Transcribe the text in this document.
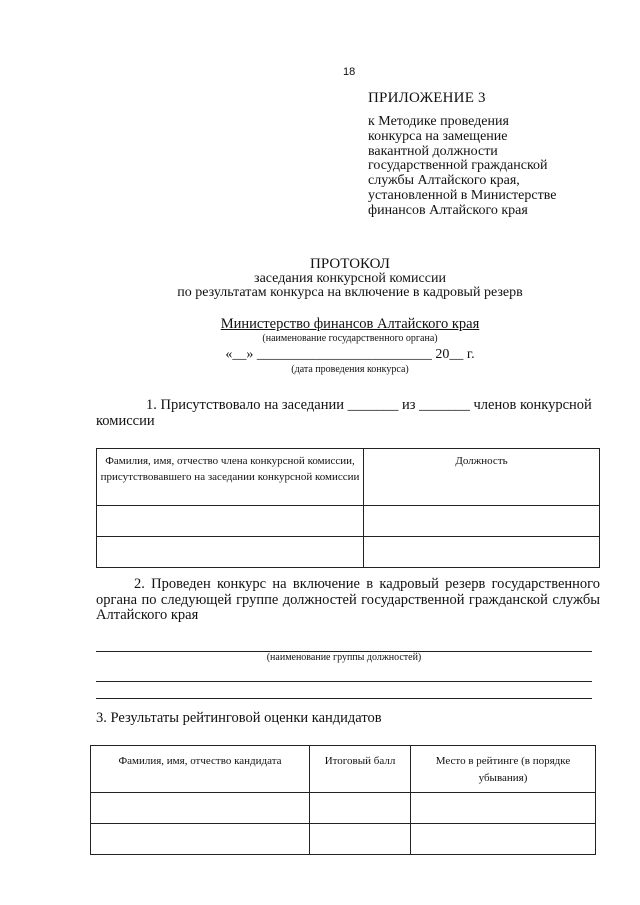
18
ПРИЛОЖЕНИЕ 3
к Методике проведения
конкурса на замещение
вакантной должности
государственной гражданской
службы Алтайского края,
установленной в Министерстве
финансов Алтайского края
ПРОТОКОЛ
заседания конкурсной комиссии
по результатам конкурса на включение в кадровый резерв
Министерство финансов Алтайского края
(наименование государственного органа)
«__» _________________________ 20__ г.
(дата проведения конкурса)
1. Присутствовало на заседании _______ из _______ членов конкурсной комиссии
Фамилия, имя, отчество члена конкурсной комиссии, присутствовавшего на заседании конкурсной комиссии	Должность

2. Проведен конкурс на включение в кадровый резерв государственного органа по следующей группе должностей государственной гражданской службы Алтайского края
(наименование группы должностей)
3. Результаты рейтинговой оценки кандидатов
Фамилия, имя, отчество кандидата	Итоговый балл	Место в рейтинге (в порядке убывания)
